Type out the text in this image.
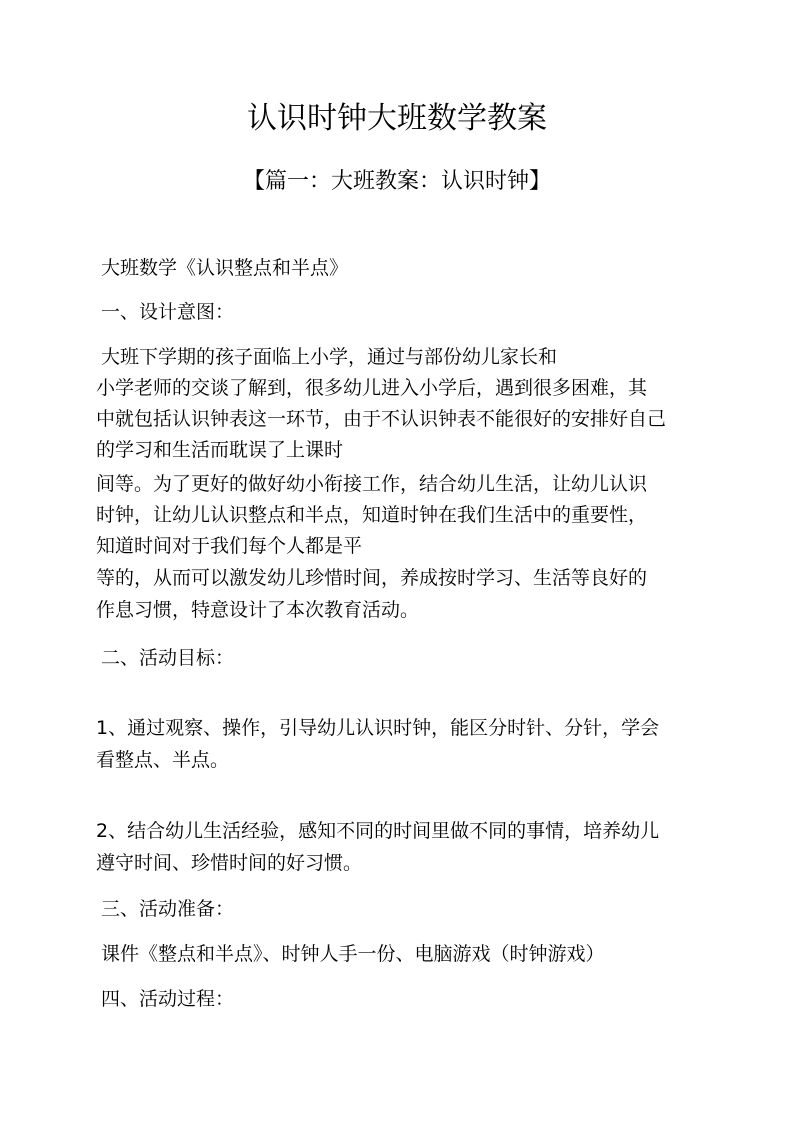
认识时钟大班数学教案
【篇一：大班教案：认识时钟】
大班数学《认识整点和半点》
一、设计意图：
大班下学期的孩子面临上小学，通过与部份幼儿家长和
小学老师的交谈了解到，很多幼儿进入小学后，遇到很多困难，其
中就包括认识钟表这一环节，由于不认识钟表不能很好的安排好自己
的学习和生活而耽误了上课时
间等。为了更好的做好幼小衔接工作，结合幼儿生活，让幼儿认识
时钟，让幼儿认识整点和半点，知道时钟在我们生活中的重要性，
知道时间对于我们每个人都是平
等的，从而可以激发幼儿珍惜时间，养成按时学习、生活等良好的
作息习惯，特意设计了本次教育活动。
二、活动目标：
1、通过观察、操作，引导幼儿认识时钟，能区分时针、分针，学会
看整点、半点。
2、结合幼儿生活经验，感知不同的时间里做不同的事情，培养幼儿
遵守时间、珍惜时间的好习惯。
三、活动准备：
课件《整点和半点》、时钟人手一份、电脑游戏（时钟游戏）
四、活动过程：
